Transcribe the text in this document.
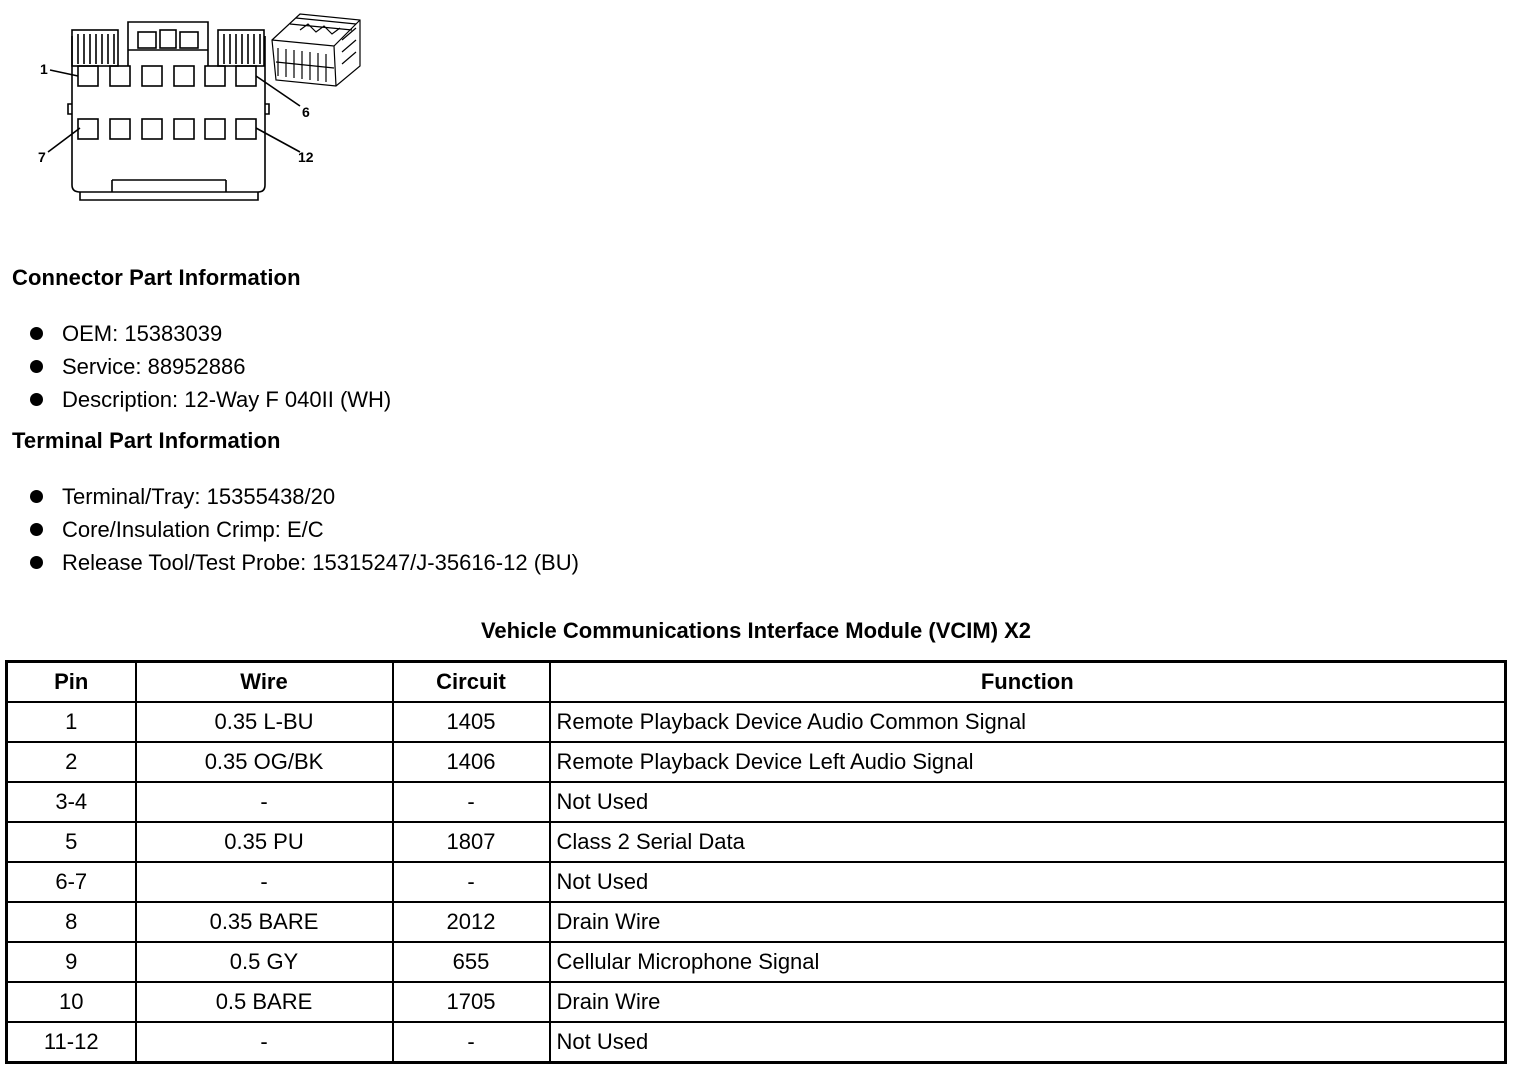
1
6
7	12
Connector Part Information
OEM: 15383039
Service: 88952886
Description: 12-Way F 040II (WH)
Terminal Part Information
Terminal/Tray: 15355438/20
Core/Insulation Crimp: E/C
Release Tool/Test Probe: 15315247/J-35616-12 (BU)
Vehicle Communications Interface Module (VCIM) X2
Pin	Wire	Circuit	Function
1	0.35 L-BU	1405	Remote Playback Device Audio Common Signal
2	0.35 OG/BK	1406	Remote Playback Device Left Audio Signal
3-4	-	-	Not Used
5	0.35 PU	1807	Class 2 Serial Data
6-7	-	-	Not Used
8	0.35 BARE	2012	Drain Wire
9	0.5 GY	655	Cellular Microphone Signal
10	0.5 BARE	1705	Drain Wire
11-12	-	-	Not Used
